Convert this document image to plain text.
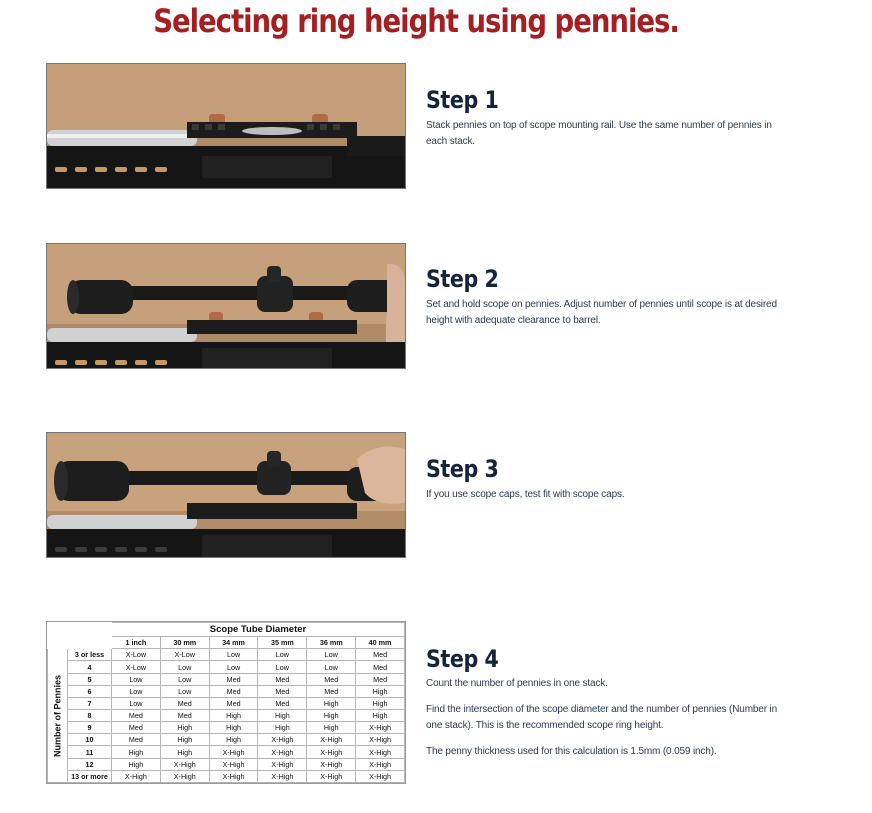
Selecting ring height using pennies.
Step 1

Stack pennies on top of scope mounting rail. Use the same number of pennies in each stack.

Step 2

Set and hold scope on pennies. Adjust number of pennies until scope is at desired height with adequate clearance to barrel.

Step 3

If you use scope caps, test fit with scope caps.

		Scope Tube Diameter					
		1 inch	30 mm	34 mm	35 mm	36 mm	40 mm

Number of Pennies	3 or less	X-Low	X-Low	Low	Low	Low	Med
	4	X-Low	Low	Low	Low	Low	Med
	5	Low	Low	Med	Med	Med	Med
	6	Low	Low	Med	Med	Med	High
	7	Low	Med	Med	Med	High	High
	8	Med	Med	High	High	High	High
	9	Med	High	High	High	High	X-High
	10	Med	High	High	X-High	X-High	X-High
	11	High	High	X-High	X-High	X-High	X-High
	12	High	X-High	X-High	X-High	X-High	X-High
	13 or more	X-High	X-High	X-High	X-High	X-High	X-High
Step 4

Count the number of pennies in one stack.

Find the intersection of the scope diameter and the number of pennies (Number in one stack). This is the recommended scope ring height.

The penny thickness used for this calculation is 1.5mm (0.059 inch).
